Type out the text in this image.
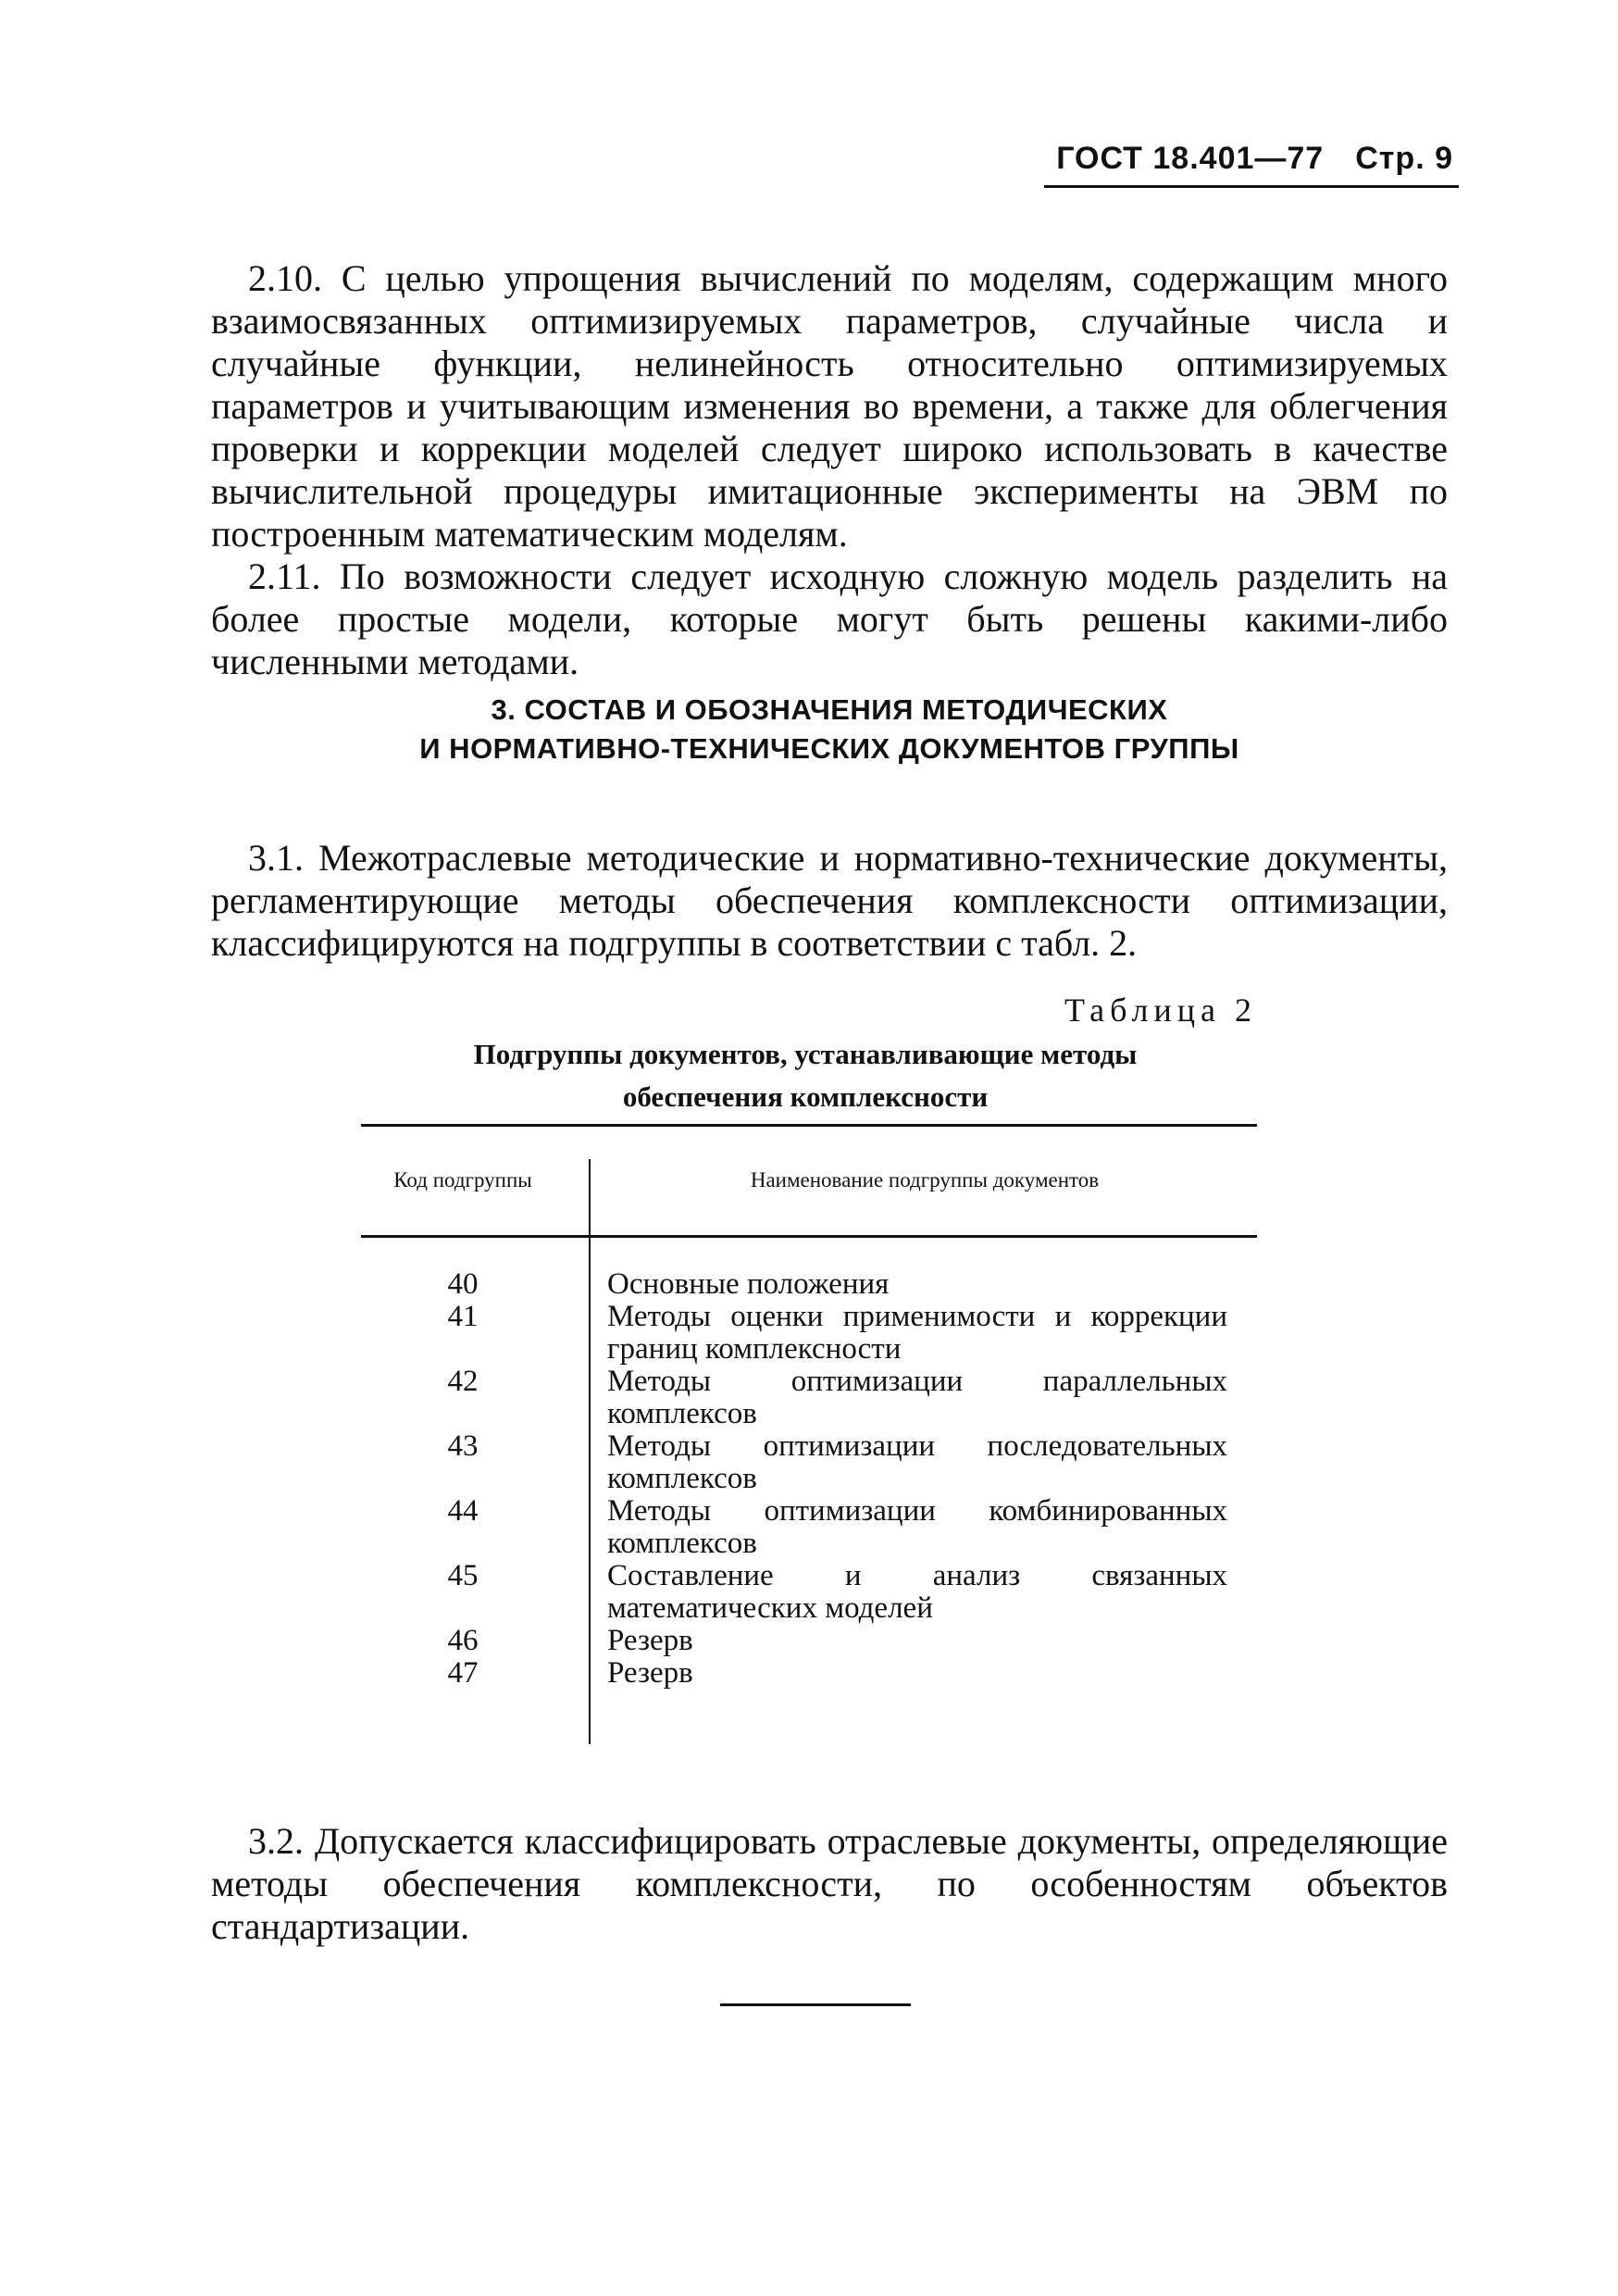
ГОСТ 18.401—77 Стр. 9

2.10. С целью упрощения вычислений по моделям, содержащим много взаимосвязанных оптимизируемых параметров, случайные числа и случайные функции, нелинейность относительно оптимизируемых параметров и учитывающим изменения во времени, а также для облегчения проверки и коррекции моделей следует широко использовать в качестве вычислительной процедуры имитационные эксперименты на ЭВМ по построенным математическим моделям.

2.11. По возможности следует исходную сложную модель разделить на более простые модели, которые могут быть решены какими-либо численными методами.

3. СОСТАВ И ОБОЗНАЧЕНИЯ МЕТОДИЧЕСКИХ
И НОРМАТИВНО-ТЕХНИЧЕСКИХ ДОКУМЕНТОВ ГРУППЫ

3.1. Межотраслевые методические и нормативно-технические документы, регламентирующие методы обеспечения комплексности оптимизации, классифицируются на подгруппы в соответствии с табл. 2.

Таблица 2
Подгруппы документов, устанавливающие методы
обеспечения комплексности
Код подгруппы	Наименование подгруппы документов
40	Основные положения
41	Методы оценки применимости и коррекции границ комплексности
42	Методы оптимизации параллельных комплексов
43	Методы оптимизации последовательных комплексов
44	Методы оптимизации комбинированных комплексов
45	Составление и анализ связанных математических моделей
46	Резерв
47	Резерв

3.2. Допускается классифицировать отраслевые документы, определяющие методы обеспечения комплексности, по особенностям объектов стандартизации.
